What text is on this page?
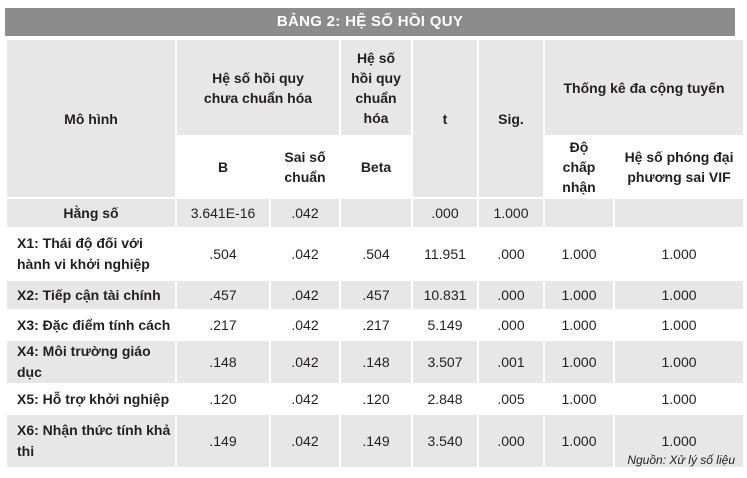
BẢNG 2: HỆ SỐ HỒI QUY
Mô hình	Hệ số hồi quy chưa chuẩn hóa		Hệ số hồi quy chuẩn hóa	t	Sig.	Thống kê đa cộng tuyến	
	B	Sai số chuẩn	Beta			Độ chấp nhận	Hệ số phóng đại phương sai VIF
Hằng số	3.641E-16	.042		.000	1.000		
X1: Thái độ đối với hành vi khởi nghiệp	.504	.042	.504	11.951	.000	1.000	1.000
X2: Tiếp cận tài chính	.457	.042	.457	10.831	.000	1.000	1.000
X3: Đặc điểm tính cách	.217	.042	.217	5.149	.000	1.000	1.000
X4: Môi trường giáo dục	.148	.042	.148	3.507	.001	1.000	1.000
X5: Hỗ trợ khởi nghiệp	.120	.042	.120	2.848	.005	1.000	1.000
X6: Nhận thức tính khả thi	.149	.042	.149	3.540	.000	1.000	1.000
Nguồn: Xử lý số liệu
